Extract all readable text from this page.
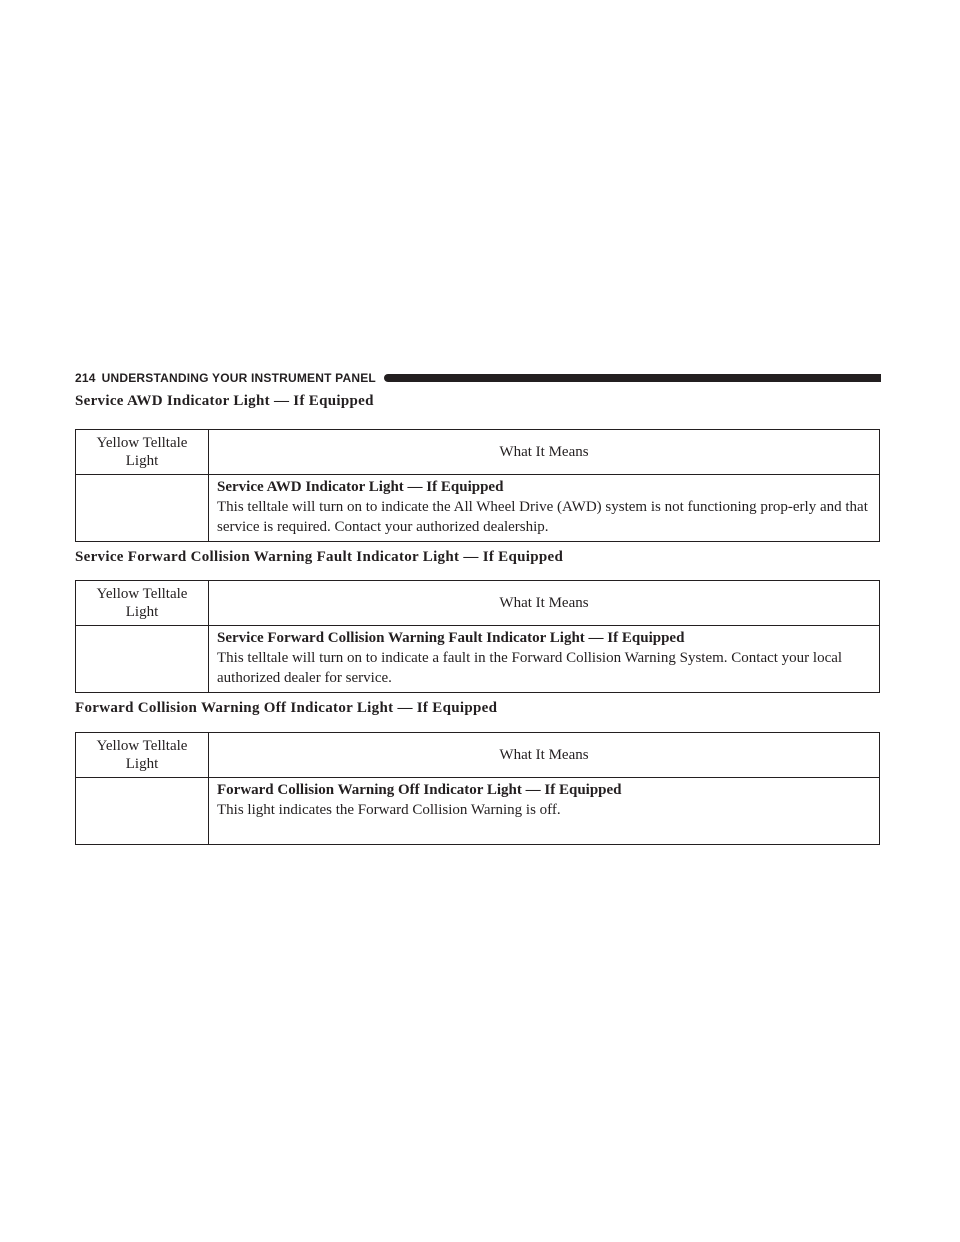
214 UNDERSTANDING YOUR INSTRUMENT PANEL
Service AWD Indicator Light — If Equipped
Yellow Telltale
Light
What It Means
Service AWD Indicator Light — If Equipped
This telltale will turn on to indicate the All Wheel Drive (AWD) system is not functioning prop-erly and that service is required. Contact your authorized dealership.
Service Forward Collision Warning Fault Indicator Light — If Equipped
Yellow Telltale
Light
What It Means
Service Forward Collision Warning Fault Indicator Light — If Equipped
This telltale will turn on to indicate a fault in the Forward Collision Warning System. Contact your local authorized dealer for service.
Forward Collision Warning Off Indicator Light — If Equipped
Yellow Telltale
Light
What It Means
Forward Collision Warning Off Indicator Light — If Equipped
This light indicates the Forward Collision Warning is off.
